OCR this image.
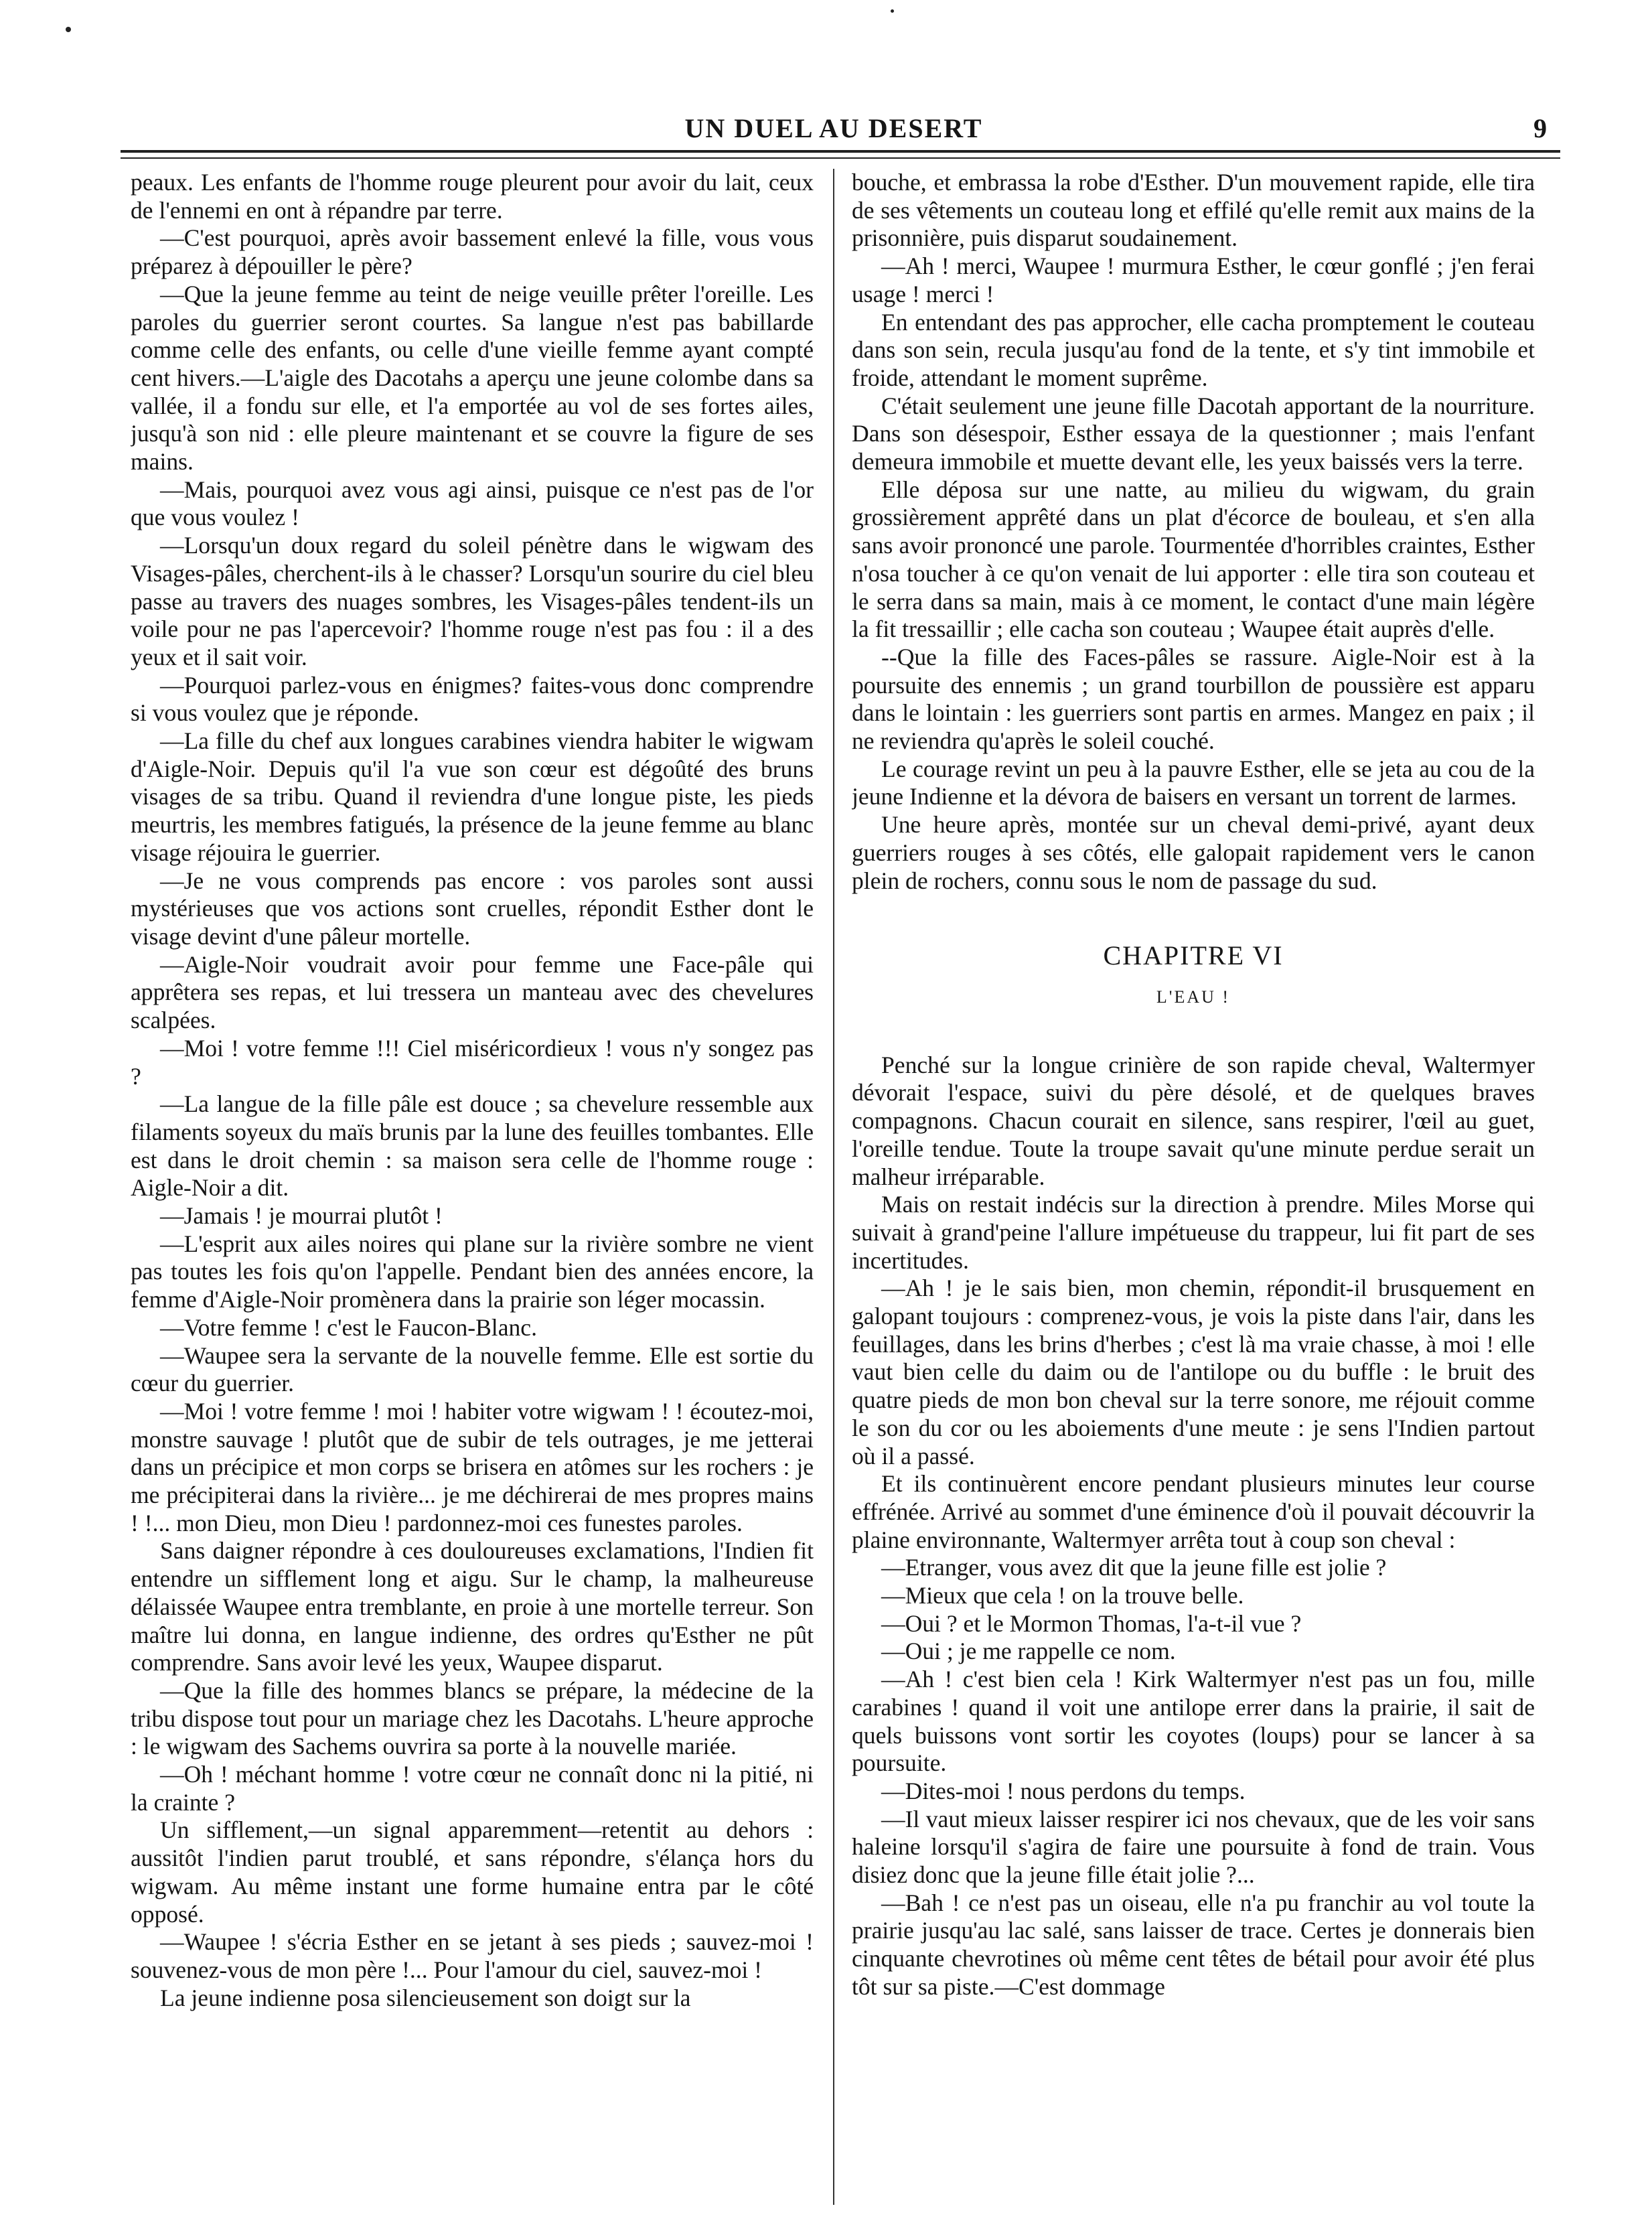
UN DUEL AU DESERT	9

peaux. Les enfants de l'homme rouge pleurent pour avoir du lait, ceux de l'ennemi en ont à répandre par terre.

—C'est pourquoi, après avoir bassement enlevé la fille, vous vous préparez à dépouiller le père?

—Que la jeune femme au teint de neige veuille prêter l'oreille. Les paroles du guerrier seront courtes. Sa langue n'est pas babillarde comme celle des enfants, ou celle d'une vieille femme ayant compté cent hivers.—L'aigle des Dacotahs a aperçu une jeune colombe dans sa vallée, il a fondu sur elle, et l'a emportée au vol de ses fortes ailes, jusqu'à son nid : elle pleure maintenant et se couvre la figure de ses mains.

—Mais, pourquoi avez vous agi ainsi, puisque ce n'est pas de l'or que vous voulez !

—Lorsqu'un doux regard du soleil pénètre dans le wigwam des Visages-pâles, cherchent-ils à le chasser? Lorsqu'un sourire du ciel bleu passe au travers des nuages sombres, les Visages-pâles tendent-ils un voile pour ne pas l'apercevoir? l'homme rouge n'est pas fou : il a des yeux et il sait voir.

—Pourquoi parlez-vous en énigmes? faites-vous donc comprendre si vous voulez que je réponde.

—La fille du chef aux longues carabines viendra habiter le wigwam d'Aigle-Noir. Depuis qu'il l'a vue son cœur est dégoûté des bruns visages de sa tribu. Quand il reviendra d'une longue piste, les pieds meurtris, les membres fatigués, la présence de la jeune femme au blanc visage réjouira le guerrier.

—Je ne vous comprends pas encore : vos paroles sont aussi mystérieuses que vos actions sont cruelles, répondit Esther dont le visage devint d'une pâleur mortelle.

—Aigle-Noir voudrait avoir pour femme une Face-pâle qui apprêtera ses repas, et lui tressera un manteau avec des chevelures scalpées.

—Moi ! votre femme !!! Ciel miséricordieux ! vous n'y songez pas ?

—La langue de la fille pâle est douce ; sa chevelure ressemble aux filaments soyeux du maïs brunis par la lune des feuilles tombantes. Elle est dans le droit chemin : sa maison sera celle de l'homme rouge : Aigle-Noir a dit.

—Jamais ! je mourrai plutôt !

—L'esprit aux ailes noires qui plane sur la rivière sombre ne vient pas toutes les fois qu'on l'appelle. Pendant bien des années encore, la femme d'Aigle-Noir promènera dans la prairie son léger mocassin.

—Votre femme ! c'est le Faucon-Blanc.

—Waupee sera la servante de la nouvelle femme. Elle est sortie du cœur du guerrier.

—Moi ! votre femme ! moi ! habiter votre wigwam ! ! écoutez-moi, monstre sauvage ! plutôt que de subir de tels outrages, je me jetterai dans un précipice et mon corps se brisera en atômes sur les rochers : je me précipiterai dans la rivière... je me déchirerai de mes propres mains ! !... mon Dieu, mon Dieu ! pardonnez-moi ces funestes paroles.

Sans daigner répondre à ces douloureuses exclamations, l'Indien fit entendre un sifflement long et aigu. Sur le champ, la malheureuse délaissée Waupee entra tremblante, en proie à une mortelle terreur. Son maître lui donna, en langue indienne, des ordres qu'Esther ne pût comprendre. Sans avoir levé les yeux, Waupee disparut.

—Que la fille des hommes blancs se prépare, la médecine de la tribu dispose tout pour un mariage chez les Dacotahs. L'heure approche : le wigwam des Sachems ouvrira sa porte à la nouvelle mariée.

—Oh ! méchant homme ! votre cœur ne connaît donc ni la pitié, ni la crainte ?

Un sifflement,—un signal apparemment—retentit au dehors : aussitôt l'indien parut troublé, et sans répondre, s'élança hors du wigwam. Au même instant une forme humaine entra par le côté opposé.

—Waupee ! s'écria Esther en se jetant à ses pieds ; sauvez-moi ! souvenez-vous de mon père !... Pour l'amour du ciel, sauvez-moi !

La jeune indienne posa silencieusement son doigt sur la

bouche, et embrassa la robe d'Esther. D'un mouvement rapide, elle tira de ses vêtements un couteau long et effilé qu'elle remit aux mains de la prisonnière, puis disparut soudainement.

—Ah ! merci, Waupee ! murmura Esther, le cœur gonflé ; j'en ferai usage ! merci !

En entendant des pas approcher, elle cacha promptement le couteau dans son sein, recula jusqu'au fond de la tente, et s'y tint immobile et froide, attendant le moment suprême.

C'était seulement une jeune fille Dacotah apportant de la nourriture. Dans son désespoir, Esther essaya de la questionner ; mais l'enfant demeura immobile et muette devant elle, les yeux baissés vers la terre.

Elle déposa sur une natte, au milieu du wigwam, du grain grossièrement apprêté dans un plat d'écorce de bouleau, et s'en alla sans avoir prononcé une parole. Tourmentée d'horribles craintes, Esther n'osa toucher à ce qu'on venait de lui apporter : elle tira son couteau et le serra dans sa main, mais à ce moment, le contact d'une main légère la fit tressaillir ; elle cacha son couteau ; Waupee était auprès d'elle.

--Que la fille des Faces-pâles se rassure. Aigle-Noir est à la poursuite des ennemis ; un grand tourbillon de poussière est apparu dans le lointain : les guerriers sont partis en armes. Mangez en paix ; il ne reviendra qu'après le soleil couché.

Le courage revint un peu à la pauvre Esther, elle se jeta au cou de la jeune Indienne et la dévora de baisers en versant un torrent de larmes.

Une heure après, montée sur un cheval demi-privé, ayant deux guerriers rouges à ses côtés, elle galopait rapidement vers le canon plein de rochers, connu sous le nom de passage du sud.

CHAPITRE VI
L'EAU !

Penché sur la longue crinière de son rapide cheval, Waltermyer dévorait l'espace, suivi du père désolé, et de quelques braves compagnons. Chacun courait en silence, sans respirer, l'œil au guet, l'oreille tendue. Toute la troupe savait qu'une minute perdue serait un malheur irréparable.

Mais on restait indécis sur la direction à prendre. Miles Morse qui suivait à grand'peine l'allure impétueuse du trappeur, lui fit part de ses incertitudes.

—Ah ! je le sais bien, mon chemin, répondit-il brusquement en galopant toujours : comprenez-vous, je vois la piste dans l'air, dans les feuillages, dans les brins d'herbes ; c'est là ma vraie chasse, à moi ! elle vaut bien celle du daim ou de l'antilope ou du buffle : le bruit des quatre pieds de mon bon cheval sur la terre sonore, me réjouit comme le son du cor ou les aboiements d'une meute : je sens l'Indien partout où il a passé.

Et ils continuèrent encore pendant plusieurs minutes leur course effrénée. Arrivé au sommet d'une éminence d'où il pouvait découvrir la plaine environnante, Waltermyer arrêta tout à coup son cheval :

—Etranger, vous avez dit que la jeune fille est jolie ?

—Mieux que cela ! on la trouve belle.

—Oui ? et le Mormon Thomas, l'a-t-il vue ?

—Oui ; je me rappelle ce nom.

—Ah ! c'est bien cela ! Kirk Waltermyer n'est pas un fou, mille carabines ! quand il voit une antilope errer dans la prairie, il sait de quels buissons vont sortir les coyotes (loups) pour se lancer à sa poursuite.

—Dites-moi ! nous perdons du temps.

—Il vaut mieux laisser respirer ici nos chevaux, que de les voir sans haleine lorsqu'il s'agira de faire une poursuite à fond de train. Vous disiez donc que la jeune fille était jolie ?...

—Bah ! ce n'est pas un oiseau, elle n'a pu franchir au vol toute la prairie jusqu'au lac salé, sans laisser de trace. Certes je donnerais bien cinquante chevrotines où même cent têtes de bétail pour avoir été plus tôt sur sa piste.—C'est dommage
